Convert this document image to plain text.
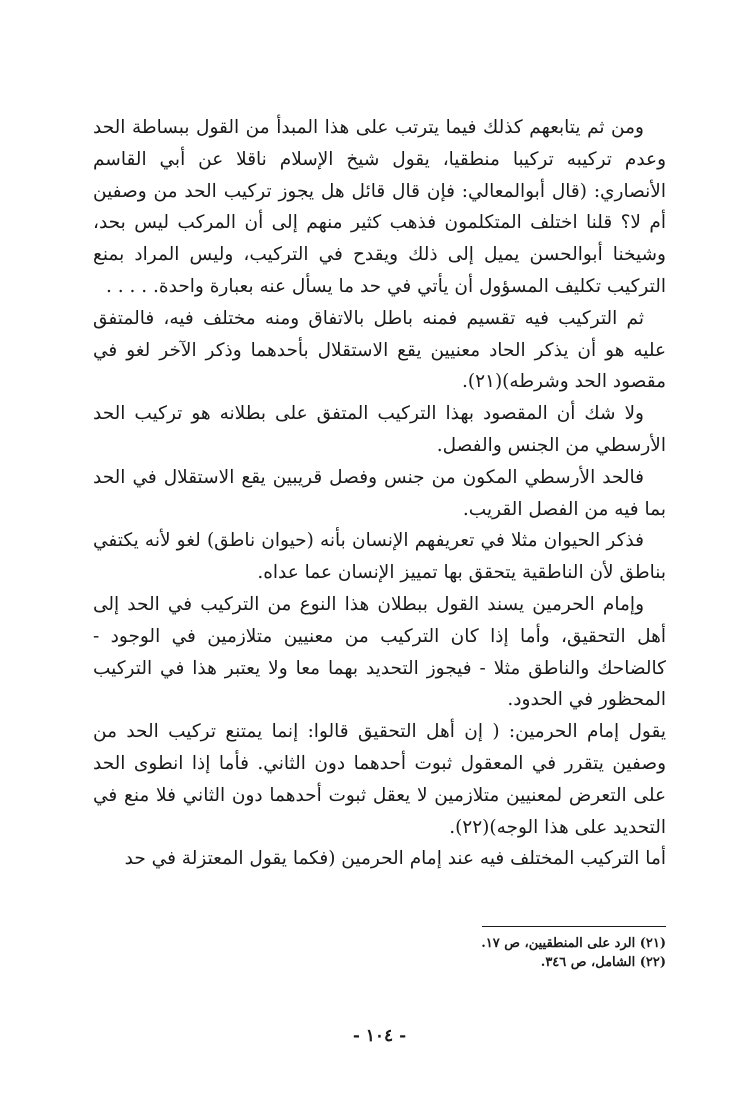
ومن ثم يتابعهم كذلك فيما يترتب على هذا المبدأ من القول ببساطة الحد وعدم تركيبه تركيبا منطقيا، يقول شيخ الإسلام ناقلا عن أبي القاسم الأنصاري: (قال أبوالمعالي: فإن قال قائل هل يجوز تركيب الحد من وصفين أم لا؟ قلنا اختلف المتكلمون فذهب كثير منهم إلى أن المركب ليس بحد، وشيخنا أبوالحسن يميل إلى ذلك ويقدح في التركيب، وليس المراد بمنع التركيب تكليف المسؤول أن يأتي في حد ما يسأل عنه بعبارة واحدة. . . . .

ثم التركيب فيه تقسيم فمنه باطل بالاتفاق ومنه مختلف فيه، فالمتفق عليه هو أن يذكر الحاد معنيين يقع الاستقلال بأحدهما وذكر الآخر لغو في مقصود الحد وشرطه)(٢١).

ولا شك أن المقصود بهذا التركيب المتفق على بطلانه هو تركيب الحد الأرسطي من الجنس والفصل.

فالحد الأرسطي المكون من جنس وفصل قريبين يقع الاستقلال في الحد بما فيه من الفصل القريب.

فذكر الحيوان مثلا في تعريفهم الإنسان بأنه (حيوان ناطق) لغو لأنه يكتفي بناطق لأن الناطقية يتحقق بها تمييز الإنسان عما عداه.

وإمام الحرمين يسند القول ببطلان هذا النوع من التركيب في الحد إلى أهل التحقيق، وأما إذا كان التركيب من معنيين متلازمين في الوجود - كالضاحك والناطق مثلا - فيجوز التحديد بهما معا ولا يعتبر هذا في التركيب المحظور في الحدود.

يقول إمام الحرمين: ( إن أهل التحقيق قالوا: إنما يمتنع تركيب الحد من وصفين يتقرر في المعقول ثبوت أحدهما دون الثاني. فأما إذا انطوى الحد على التعرض لمعنيين متلازمين لا يعقل ثبوت أحدهما دون الثاني فلا منع في التحديد على هذا الوجه)(٢٢).

أما التركيب المختلف فيه عند إمام الحرمين (فكما يقول المعتزلة في حد

(٢١) الرد على المنطقيين، ص ١٧.

(٢٢) الشامل، ص ٣٤٦.

- ١٠٤ -
